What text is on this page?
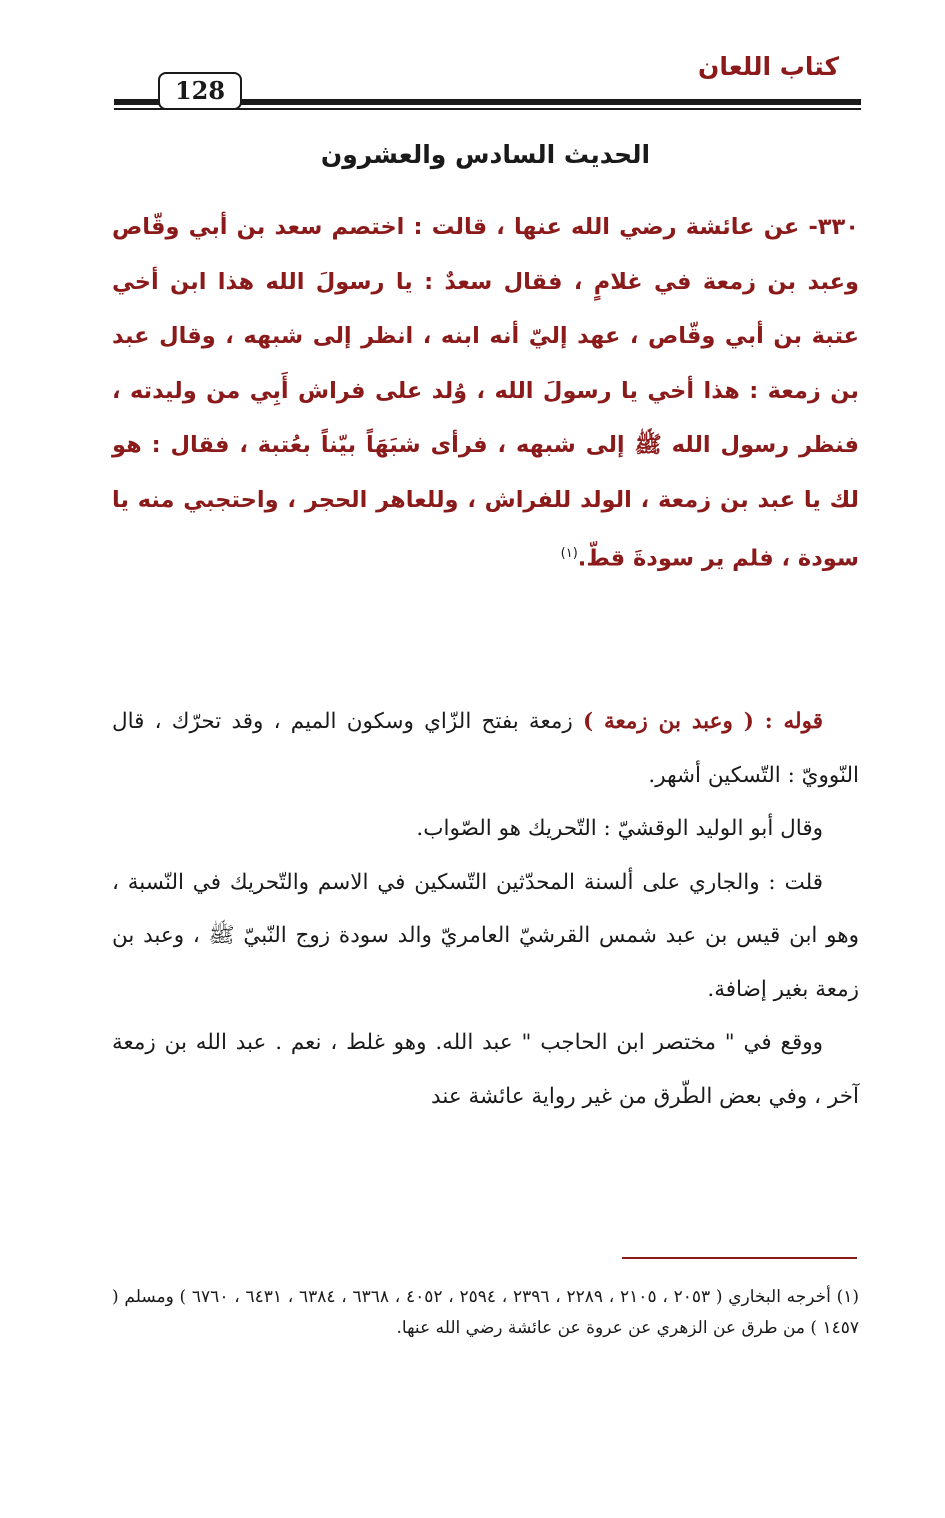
كتاب اللعان
128
الحديث السادس والعشرون
٣٣٠- عن عائشة رضي الله عنها ، قالت : اختصم سعد بن أبي وقّاص وعبد بن زمعة في غلامٍ ، فقال سعدٌ : يا رسولَ الله هذا ابن أخي عتبة بن أبي وقّاص ، عهد إليّ أنه ابنه ، انظر إلى شبهه ، وقال عبد بن زمعة : هذا أخي يا رسولَ الله ، وُلد على فراش أَبِي من وليدته ، فنظر رسول الله ﷺ إلى شبهه ، فرأى شبَهَاً بيّناً بعُتبة ، فقال : هو لك يا عبد بن زمعة ، الولد للفراش ، وللعاهر الحجر ، واحتجبي منه يا سودة ، فلم ير سودةَ قطّ.$^{(١)}$

قوله : ( وعبد بن زمعة ) زمعة بفتح الزّاي وسكون الميم ، وقد تحرّك ، قال النّوويّ : التّسكين أشهر.

وقال أبو الوليد الوقشيّ : التّحريك هو الصّواب.

قلت : والجاري على ألسنة المحدّثين التّسكين في الاسم والتّحريك في النّسبة ، وهو ابن قيس بن عبد شمس القرشيّ العامريّ والد سودة زوج النّبيّ ﷺ ، وعبد بن زمعة بغير إضافة.

ووقع في " مختصر ابن الحاجب " عبد الله. وهو غلط ، نعم . عبد الله بن زمعة آخر ، وفي بعض الطّرق من غير رواية عائشة عند

(١) أخرجه البخاري ( ٢٠٥٣ ، ٢١٠٥ ، ٢٢٨٩ ، ٢٣٩٦ ، ٢٥٩٤ ، ٤٠٥٢ ، ٦٣٦٨ ، ٦٣٨٤ ، ٦٤٣١ ، ٦٧٦٠ ) ومسلم ( ١٤٥٧ ) من طرق عن الزهري عن عروة عن عائشة رضي الله عنها.
